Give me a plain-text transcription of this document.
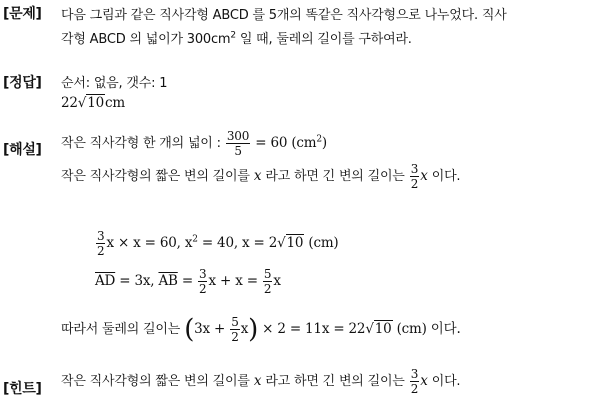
[문제] 다음 그림과 같은 직사각형 ABCD 를 5개의 똑같은 직사각형으로 나누었다. 직사
각형 ABCD 의 넓이가 $300cm^2$ 일 때, 둘레의 길이를 구하여라.
[정답] 순서: 없음, 갯수: 1
22√10cm
[해설] 작은 직사각형 한 개의 넓이 : $\frac{300}{5} = 60$ $(cm^2)$
작은 직사각형의 짧은 변의 길이를 x 라고 하면 긴 변의 길이는 $\frac{3}{2}$ x 이다.
$\frac{3}{2}$ x × x = 60, $x^2 = 40$, x = 2√10 (cm)
$\overline{AD} = 3x$, $\overline{AB} = \frac{3}{2}$ $x + x = \frac{5}{2}$ x
따라서 둘레의 길이는 $(3x + \frac{5}{2} x) \times 2 = 11x = 22√10$ (cm) 이다.
[힌트] 작은 직사각형의 짧은 변의 길이를 x 라고 하면 긴 변의 길이는 $\frac{3}{2}$ x 이다.
